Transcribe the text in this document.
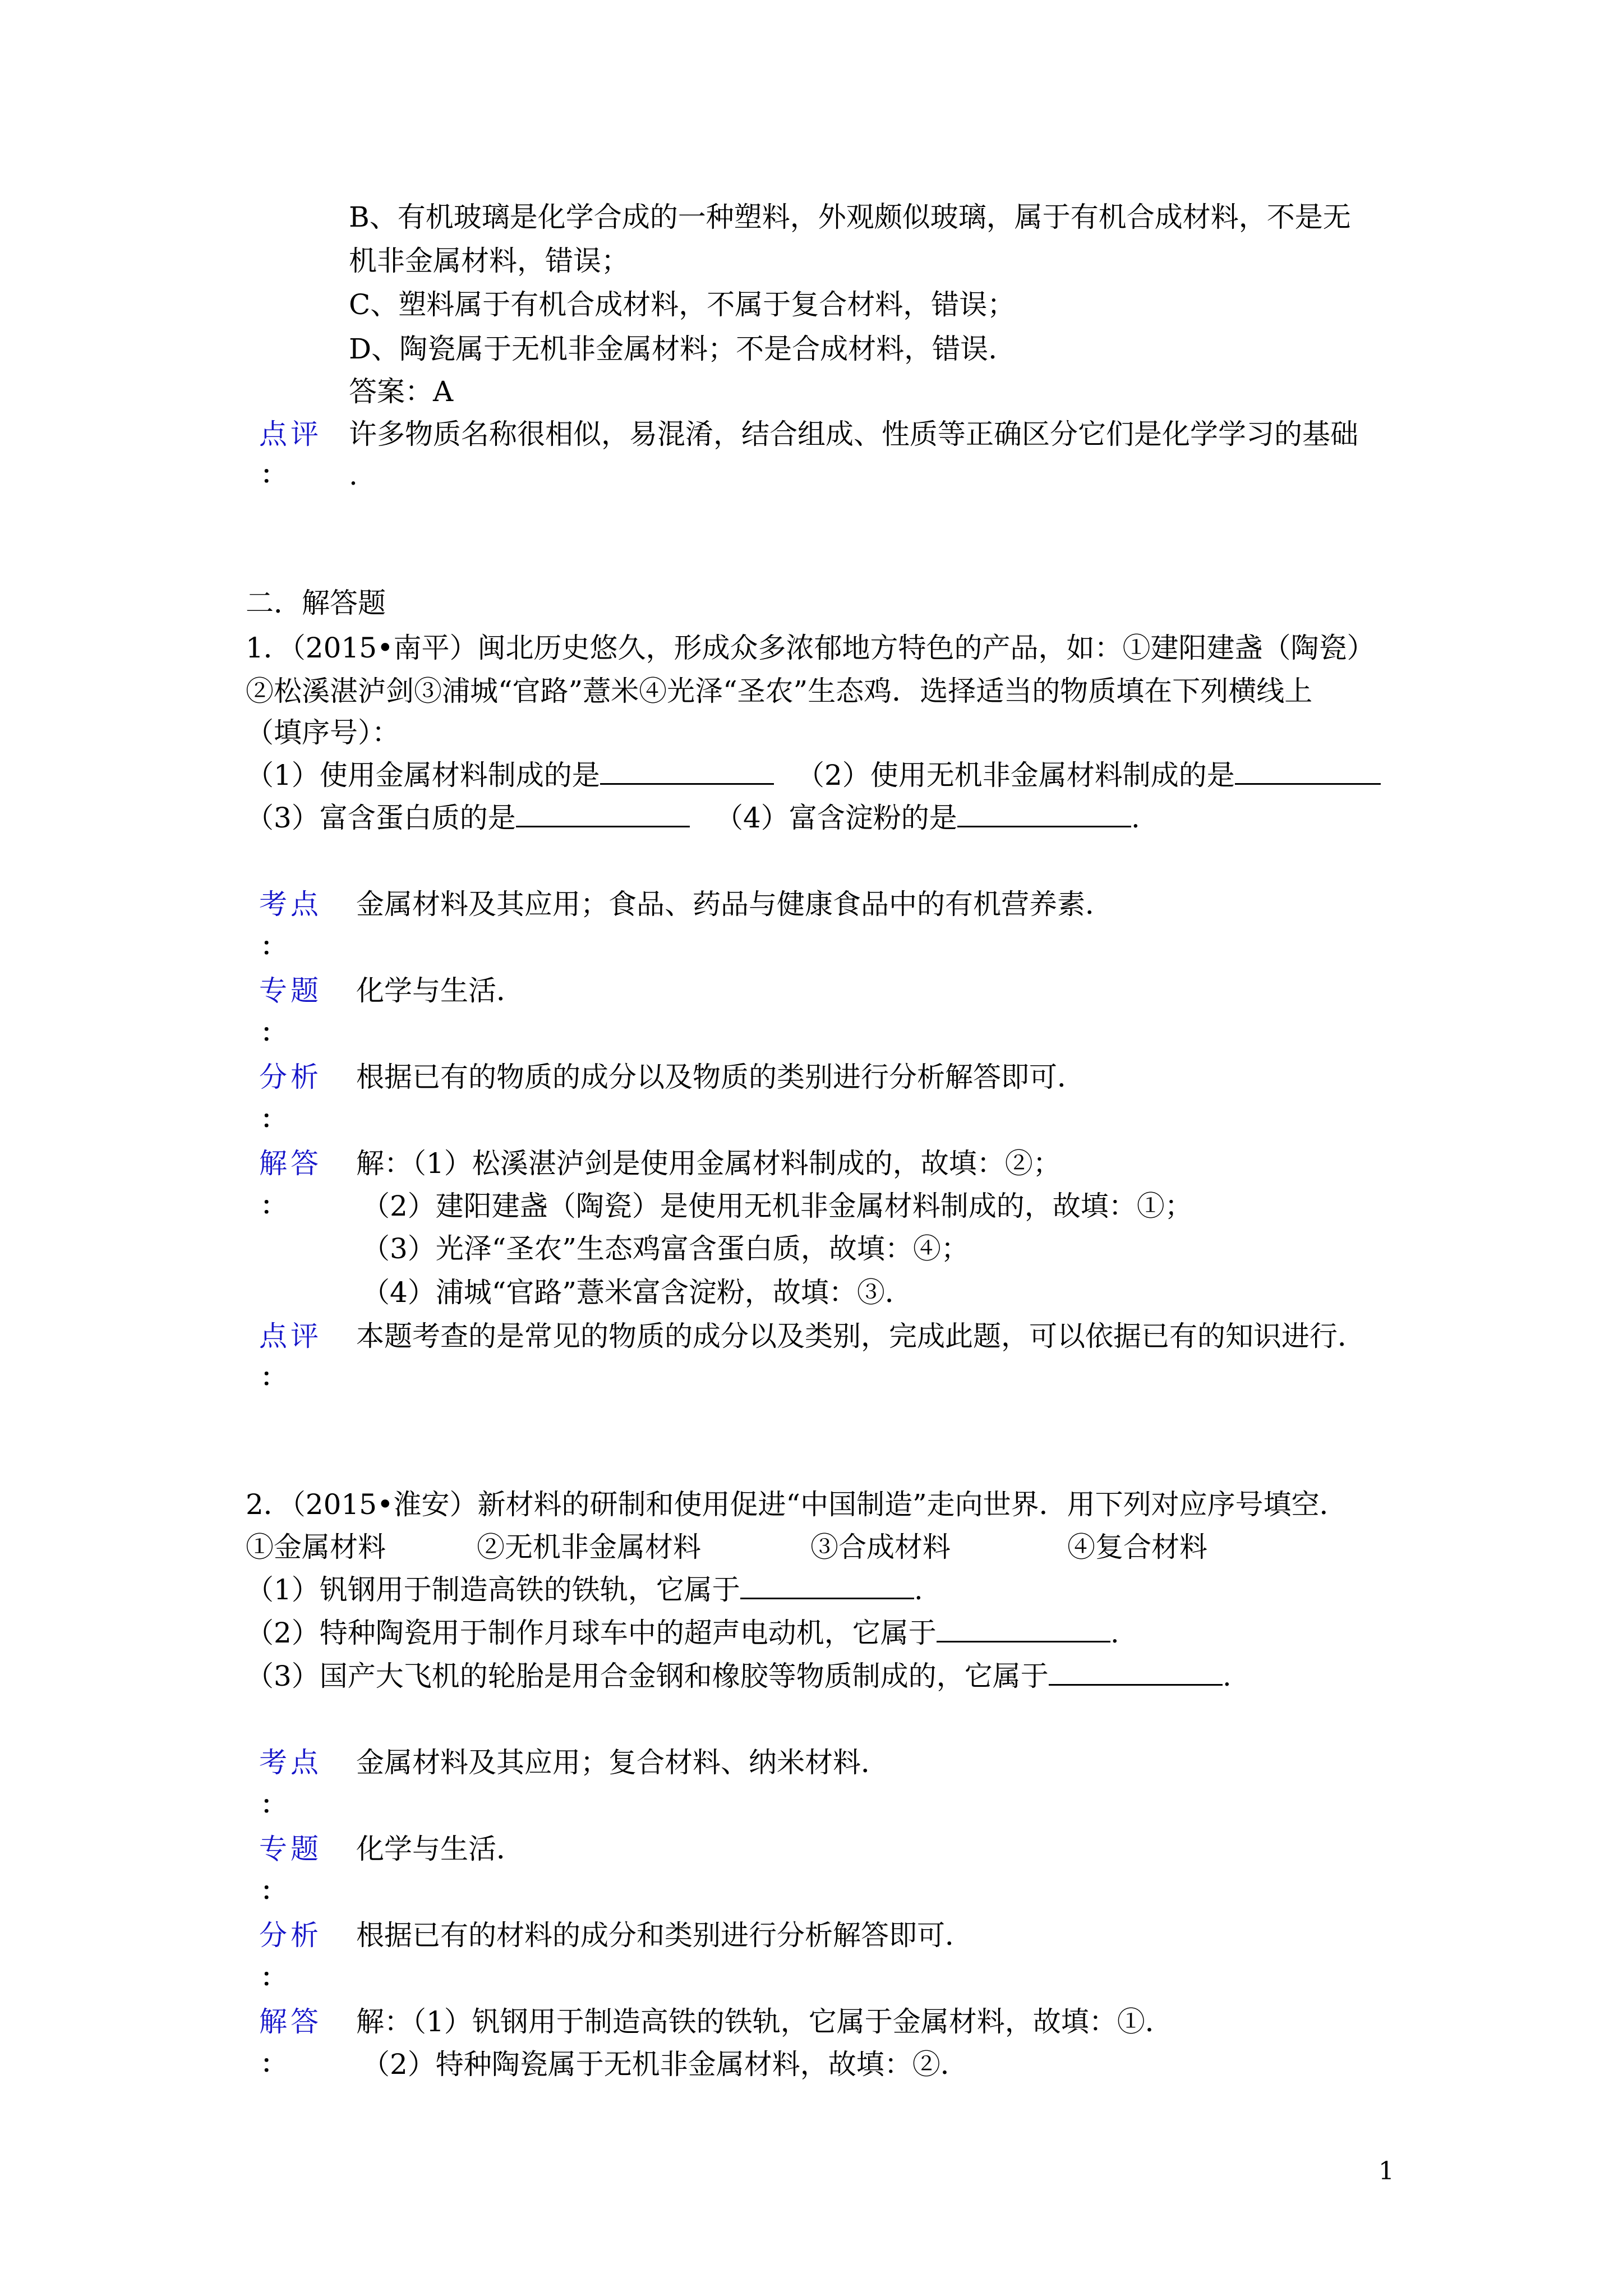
B、有机玻璃是化学合成的一种塑料，外观颇似玻璃，属于有机合成材料，不是无
机非金属材料，错误；
C、塑料属于有机合成材料，不属于复合材料，错误；
D、陶瓷属于无机非金属材料；不是合成材料，错误.
答案：A
点评 许多物质名称很相似，易混淆，结合组成、性质等正确区分它们是化学学习的基础
： .
二．解答题
1．（2015•南平）闽北历史悠久，形成众多浓郁地方特色的产品，如：①建阳建盏（陶瓷）
②松溪湛泸剑③浦城“官路”薏米④光泽“圣农”生态鸡．选择适当的物质填在下列横线上
（填序号）：
（1）使用金属材料制成的是	（2）使用无机非金属材料制成的是
（3）富含蛋白质的是	（4）富含淀粉的是	.
考点 金属材料及其应用；食品、药品与健康食品中的有机营养素．
：
专题 化学与生活．
：
分析 根据已有的物质的成分以及物质的类别进行分析解答即可．
：
解答 解：（1）松溪湛泸剑是使用金属材料制成的，故填：②；
：	（2）建阳建盏（陶瓷）是使用无机非金属材料制成的，故填：①；
（3）光泽“圣农”生态鸡富含蛋白质，故填：④；
（4）浦城“官路”薏米富含淀粉，故填：③．
点评 本题考查的是常见的物质的成分以及类别，完成此题，可以依据已有的知识进行．
：
2．（2015•淮安）新材料的研制和使用促进“中国制造”走向世界．用下列对应序号填空．
①金属材料	②无机非金属材料	③合成材料	④复合材料
（1）钒钢用于制造高铁的铁轨，它属于	.
（2）特种陶瓷用于制作月球车中的超声电动机，它属于	.
（3）国产大飞机的轮胎是用合金钢和橡胶等物质制成的，它属于	.
考点 金属材料及其应用；复合材料、纳米材料．
：
专题 化学与生活．
：
分析 根据已有的材料的成分和类别进行分析解答即可．
：
解答 解：（1）钒钢用于制造高铁的铁轨，它属于金属材料，故填：①．
：	（2）特种陶瓷属于无机非金属材料，故填：②．
1
